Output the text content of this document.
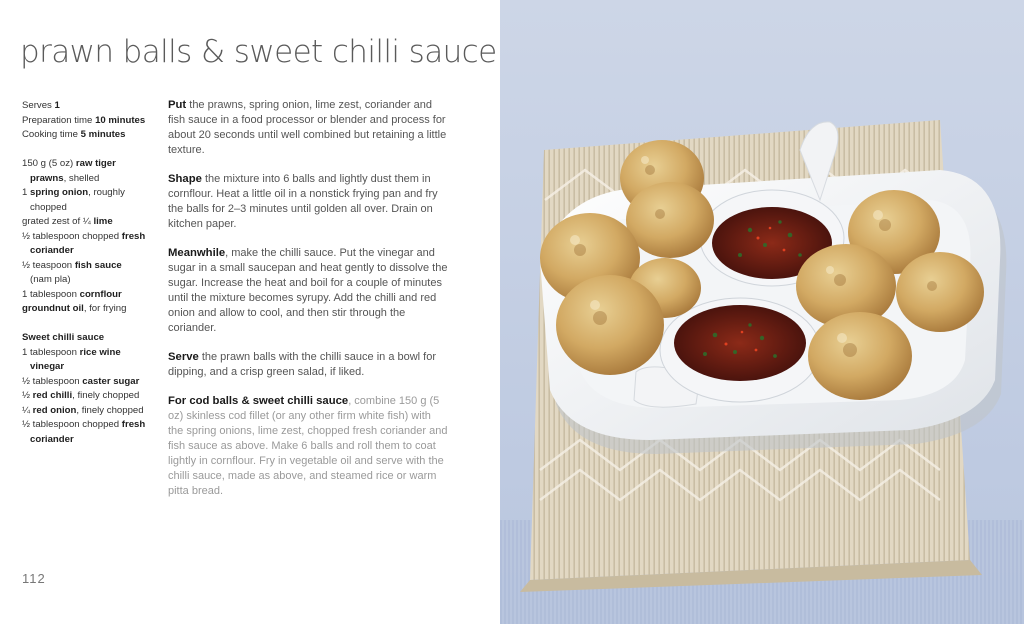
prawn balls & sweet chilli sauce
Serves 1
Preparation time 10 minutes
Cooking time 5 minutes
150 g (5 oz) raw tiger
prawns, shelled
1 spring onion, roughly
chopped
grated zest of ¼ lime
½ tablespoon chopped fresh
coriander
½ teaspoon fish sauce
(nam pla)
1 tablespoon cornflour
groundnut oil, for frying
Sweet chilli sauce
1 tablespoon rice wine
vinegar
½ tablespoon caster sugar
½ red chilli, finely chopped
¼ red onion, finely chopped
½ tablespoon chopped fresh
coriander

Put the prawns, spring onion, lime zest, coriander and fish sauce in a food processor or blender and process for about 20 seconds until well combined but retaining a little texture.

Shape the mixture into 6 balls and lightly dust them in cornflour. Heat a little oil in a nonstick frying pan and fry the balls for 2–3 minutes until golden all over. Drain on kitchen paper.

Meanwhile, make the chilli sauce. Put the vinegar and sugar in a small saucepan and heat gently to dissolve the sugar. Increase the heat and boil for a couple of minutes until the mixture becomes syrupy. Add the chilli and red onion and allow to cool, and then stir through the coriander.

Serve the prawn balls with the chilli sauce in a bowl for dipping, and a crisp green salad, if liked.

For cod balls & sweet chilli sauce, combine 150 g (5 oz) skinless cod fillet (or any other firm white fish) with the spring onions, lime zest, chopped fresh coriander and fish sauce as above. Make 6 balls and roll them to coat lightly in cornflour. Fry in vegetable oil and serve with the chilli sauce, made as above, and steamed rice or warm pitta bread.

112
